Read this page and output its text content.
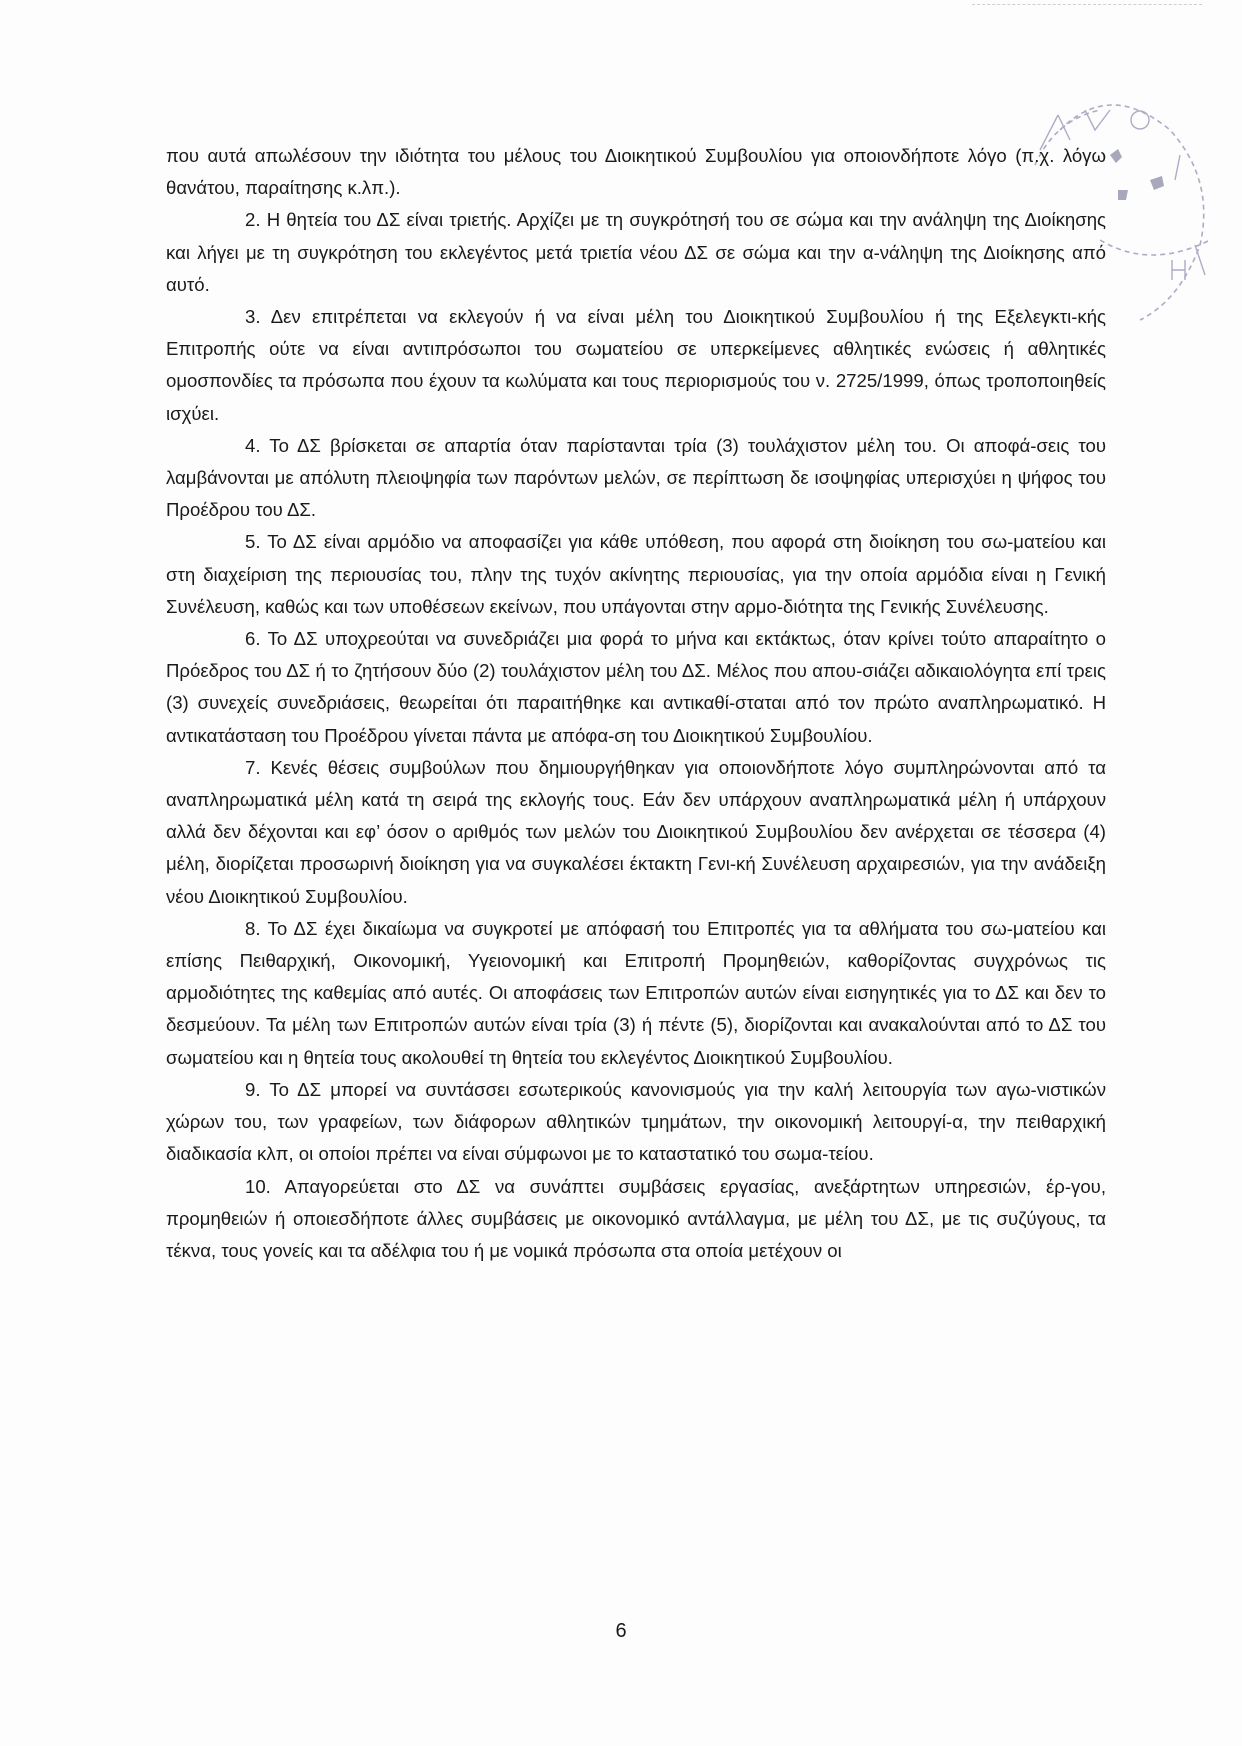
που αυτά απωλέσουν την ιδιότητα του μέλους του Διοικητικού Συμβουλίου για οποιονδήποτε λόγο (π.χ. λόγω θανάτου, παραίτησης κ.λπ.).

2. Η θητεία του ΔΣ είναι τριετής. Αρχίζει με τη συγκρότησή του σε σώμα και την ανάληψη της Διοίκησης και λήγει με τη συγκρότηση του εκλεγέντος μετά τριετία νέου ΔΣ σε σώμα και την α-νάληψη της Διοίκησης από αυτό.

3. Δεν επιτρέπεται να εκλεγούν ή να είναι μέλη του Διοικητικού Συμβουλίου ή της Εξελεγκτι-κής Επιτροπής ούτε να είναι αντιπρόσωποι του σωματείου σε υπερκείμενες αθλητικές ενώσεις ή αθλητικές ομοσπονδίες τα πρόσωπα που έχουν τα κωλύματα και τους περιορισμούς του ν. 2725/1999, όπως τροποποιηθείς ισχύει.

4. Το ΔΣ βρίσκεται σε απαρτία όταν παρίστανται τρία (3) τουλάχιστον μέλη του. Οι αποφά-σεις του λαμβάνονται με απόλυτη πλειοψηφία των παρόντων μελών, σε περίπτωση δε ισοψηφίας υπερισχύει η ψήφος του Προέδρου του ΔΣ.

5. Το ΔΣ είναι αρμόδιο να αποφασίζει για κάθε υπόθεση, που αφορά στη διοίκηση του σω-ματείου και στη διαχείριση της περιουσίας του, πλην της τυχόν ακίνητης περιουσίας, για την οποία αρμόδια είναι η Γενική Συνέλευση, καθώς και των υποθέσεων εκείνων, που υπάγονται στην αρμο-διότητα της Γενικής Συνέλευσης.

6. Το ΔΣ υποχρεούται να συνεδριάζει μια φορά το μήνα και εκτάκτως, όταν κρίνει τούτο απαραίτητο ο Πρόεδρος του ΔΣ ή το ζητήσουν δύο (2) τουλάχιστον μέλη του ΔΣ. Μέλος που απου-σιάζει αδικαιολόγητα επί τρεις (3) συνεχείς συνεδριάσεις, θεωρείται ότι παραιτήθηκε και αντικαθί-σταται από τον πρώτο αναπληρωματικό. Η αντικατάσταση του Προέδρου γίνεται πάντα με απόφα-ση του Διοικητικού Συμβουλίου.

7. Κενές θέσεις συμβούλων που δημιουργήθηκαν για οποιονδήποτε λόγο συμπληρώνονται από τα αναπληρωματικά μέλη κατά τη σειρά της εκλογής τους. Εάν δεν υπάρχουν αναπληρωματικά μέλη ή υπάρχουν αλλά δεν δέχονται και εφ’ όσον ο αριθμός των μελών του Διοικητικού Συμβουλίου δεν ανέρχεται σε τέσσερα (4) μέλη, διορίζεται προσωρινή διοίκηση για να συγκαλέσει έκτακτη Γενι-κή Συνέλευση αρχαιρεσιών, για την ανάδειξη νέου Διοικητικού Συμβουλίου.

8. Το ΔΣ έχει δικαίωμα να συγκροτεί με απόφασή του Επιτροπές για τα αθλήματα του σω-ματείου και επίσης Πειθαρχική, Οικονομική, Υγειονομική και Επιτροπή Προμηθειών, καθορίζοντας συγχρόνως τις αρμοδιότητες της καθεμίας από αυτές. Οι αποφάσεις των Επιτροπών αυτών είναι εισηγητικές για το ΔΣ και δεν το δεσμεύουν. Τα μέλη των Επιτροπών αυτών είναι τρία (3) ή πέντε (5), διορίζονται και ανακαλούνται από το ΔΣ του σωματείου και η θητεία τους ακολουθεί τη θητεία του εκλεγέντος Διοικητικού Συμβουλίου.

9. Το ΔΣ μπορεί να συντάσσει εσωτερικούς κανονισμούς για την καλή λειτουργία των αγω-νιστικών χώρων του, των γραφείων, των διάφορων αθλητικών τμημάτων, την οικονομική λειτουργί-α, την πειθαρχική διαδικασία κλπ, οι οποίοι πρέπει να είναι σύμφωνοι με το καταστατικό του σωμα-τείου.

10. Απαγορεύεται στο ΔΣ να συνάπτει συμβάσεις εργασίας, ανεξάρτητων υπηρεσιών, έρ-γου, προμηθειών ή οποιεσδήποτε άλλες συμβάσεις με οικονομικό αντάλλαγμα, με μέλη του ΔΣ, με τις συζύγους, τα τέκνα, τους γονείς και τα αδέλφια του ή με νομικά πρόσωπα στα οποία μετέχουν οι

6
